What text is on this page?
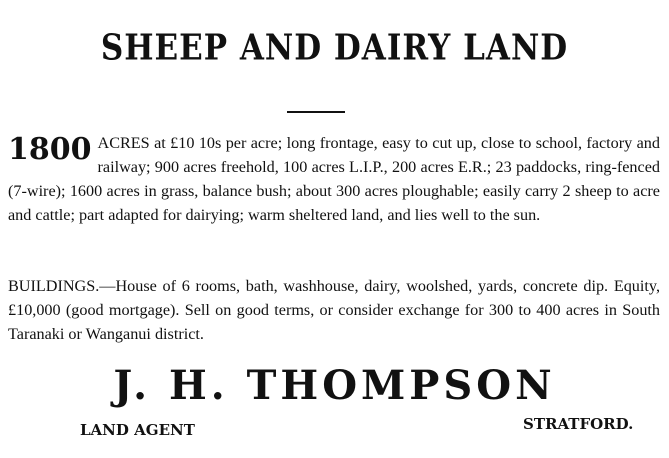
SHEEP AND DAIRY LAND
1800 ACRES at £10 10s per acre; long frontage, easy to cut up, close to school, factory and railway; 900 acres freehold, 100 acres L.I.P., 200 acres E.R.; 23 paddocks, ring-fenced (7-wire); 1600 acres in grass, balance bush; about 300 acres ploughable; easily carry 2 sheep to acre and cattle; part adapted for dairying; warm sheltered land, and lies well to the sun.
BUILDINGS.—House of 6 rooms, bath, washhouse, dairy, woolshed, yards, concrete dip. Equity, £10,000 (good mortgage). Sell on good terms, or consider exchange for 300 to 400 acres in South Taranaki or Wanganui district.
J. H. THOMPSON
LAND AGENT	STRATFORD.
